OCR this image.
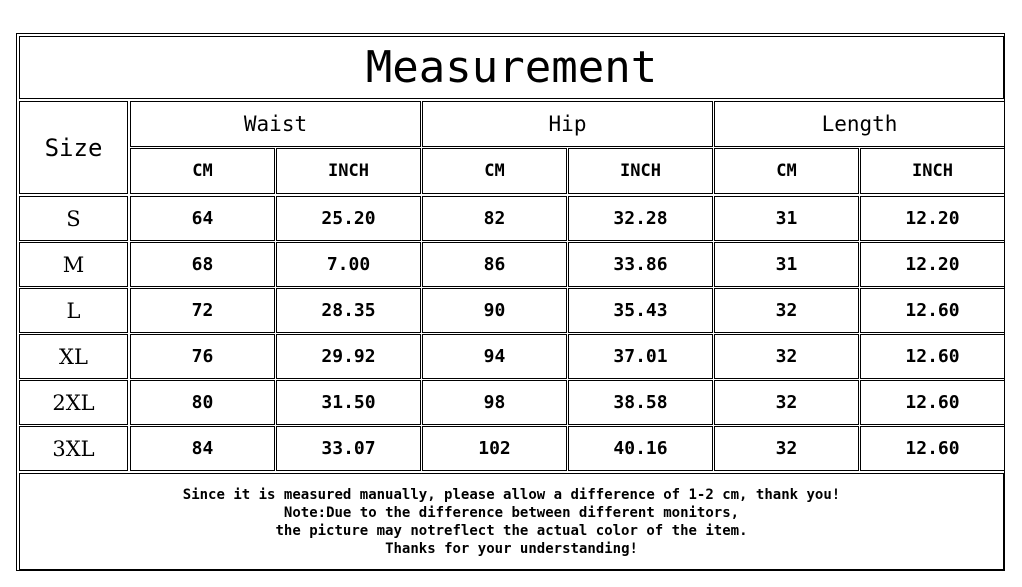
Measurement
Size
Waist	Hip	Length
CM	INCH	CM	INCH	CM	INCH
S	64	25.20	82	32.28	31	12.20
M	68	7.00	86	33.86	31	12.20
L	72	28.35	90	35.43	32	12.60
XL	76	29.92	94	37.01	32	12.60
2XL	80	31.50	98	38.58	32	12.60
3XL	84	33.07	102	40.16	32	12.60
Since it is measured manually, please allow a difference of 1-2 cm, thank you!
Note:Due to the difference between different monitors,
the picture may notreflect the actual color of the item.
Thanks for your understanding!
